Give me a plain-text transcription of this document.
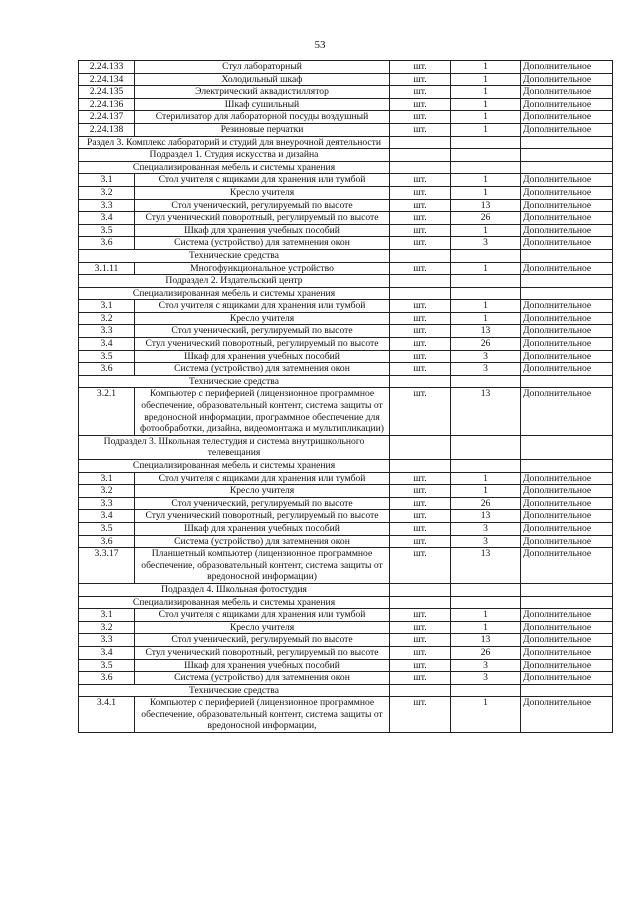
53
2.24.133	Стул лабораторный	шт.	1	Дополнительное
2.24.134	Холодильный шкаф	шт.	1	Дополнительное
2.24.135	Электрический аквадистиллятор	шт.	1	Дополнительное
2.24.136	Шкаф сушильный	шт.	1	Дополнительное
2.24.137	Стерилизатор для лабораторной посуды воздушный	шт.	1	Дополнительное
2.24.138	Резиновые перчатки	шт.	1	Дополнительное
Раздел 3. Комплекс лабораторий и студий для внеурочной деятельности				
Подраздел 1. Студия искусства и дизайна				
Специализированная мебель и системы хранения				
3.1	Стол учителя с ящиками для хранения или тумбой	шт.	1	Дополнительное
3.2	Кресло учителя	шт.	1	Дополнительное
3.3	Стол ученический, регулируемый по высоте	шт.	13	Дополнительное
3.4	Стул ученический поворотный, регулируемый по высоте	шт.	26	Дополнительное
3.5	Шкаф для хранения учебных пособий	шт.	1	Дополнительное
3.6	Система (устройство) для затемнения окон	шт.	3	Дополнительное
Технические средства				
3.1.11	Многофункциональное устройство	шт.	1	Дополнительное
Подраздел 2. Издательский центр				
Специализированная мебель и системы хранения				
3.1	Стол учителя с ящиками для хранения или тумбой	шт.	1	Дополнительное
3.2	Кресло учителя	шт.	1	Дополнительное
3.3	Стол ученический, регулируемый по высоте	шт.	13	Дополнительное
3.4	Стул ученический поворотный, регулируемый по высоте	шт.	26	Дополнительное
3.5	Шкаф для хранения учебных пособий	шт.	3	Дополнительное
3.6	Система (устройство) для затемнения окон	шт.	3	Дополнительное
Технические средства				
3.2.1	Компьютер с периферией (лицензионное программное обеспечение, образовательный контент, система защиты от вредоносной информации, программное обеспечение для фотообработки, дизайна, видеомонтажа и мультипликации)	шт.	13	Дополнительное
Подраздел 3. Школьная телестудия и система внутришкольного телевещания				
Специализированная мебель и системы хранения				
3.1	Стол учителя с ящиками для хранения или тумбой	шт.	1	Дополнительное
3.2	Кресло учителя	шт.	1	Дополнительное
3.3	Стол ученический, регулируемый по высоте	шт.	26	Дополнительное
3.4	Стул ученический поворотный, регулируемый по высоте	шт.	13	Дополнительное
3.5	Шкаф для хранения учебных пособий	шт.	3	Дополнительное
3.6	Система (устройство) для затемнения окон	шт.	3	Дополнительное
3.3.17	Планшетный компьютер (лицензионное программное обеспечение, образовательный контент, система защиты от вредоносной информации)	шт.	13	Дополнительное
Подраздел 4. Школьная фотостудия				
Специализированная мебель и системы хранения				
3.1	Стол учителя с ящиками для хранения или тумбой	шт.	1	Дополнительное
3.2	Кресло учителя	шт.	1	Дополнительное
3.3	Стол ученический, регулируемый по высоте	шт.	13	Дополнительное
3.4	Стул ученический поворотный, регулируемый по высоте	шт.	26	Дополнительное
3.5	Шкаф для хранения учебных пособий	шт.	3	Дополнительное
3.6	Система (устройство) для затемнения окон	шт.	3	Дополнительное
Технические средства				
3.4.1	Компьютер с периферией (лицензионное программное обеспечение, образовательный контент, система защиты от вредоносной информации,	шт.	1	Дополнительное
